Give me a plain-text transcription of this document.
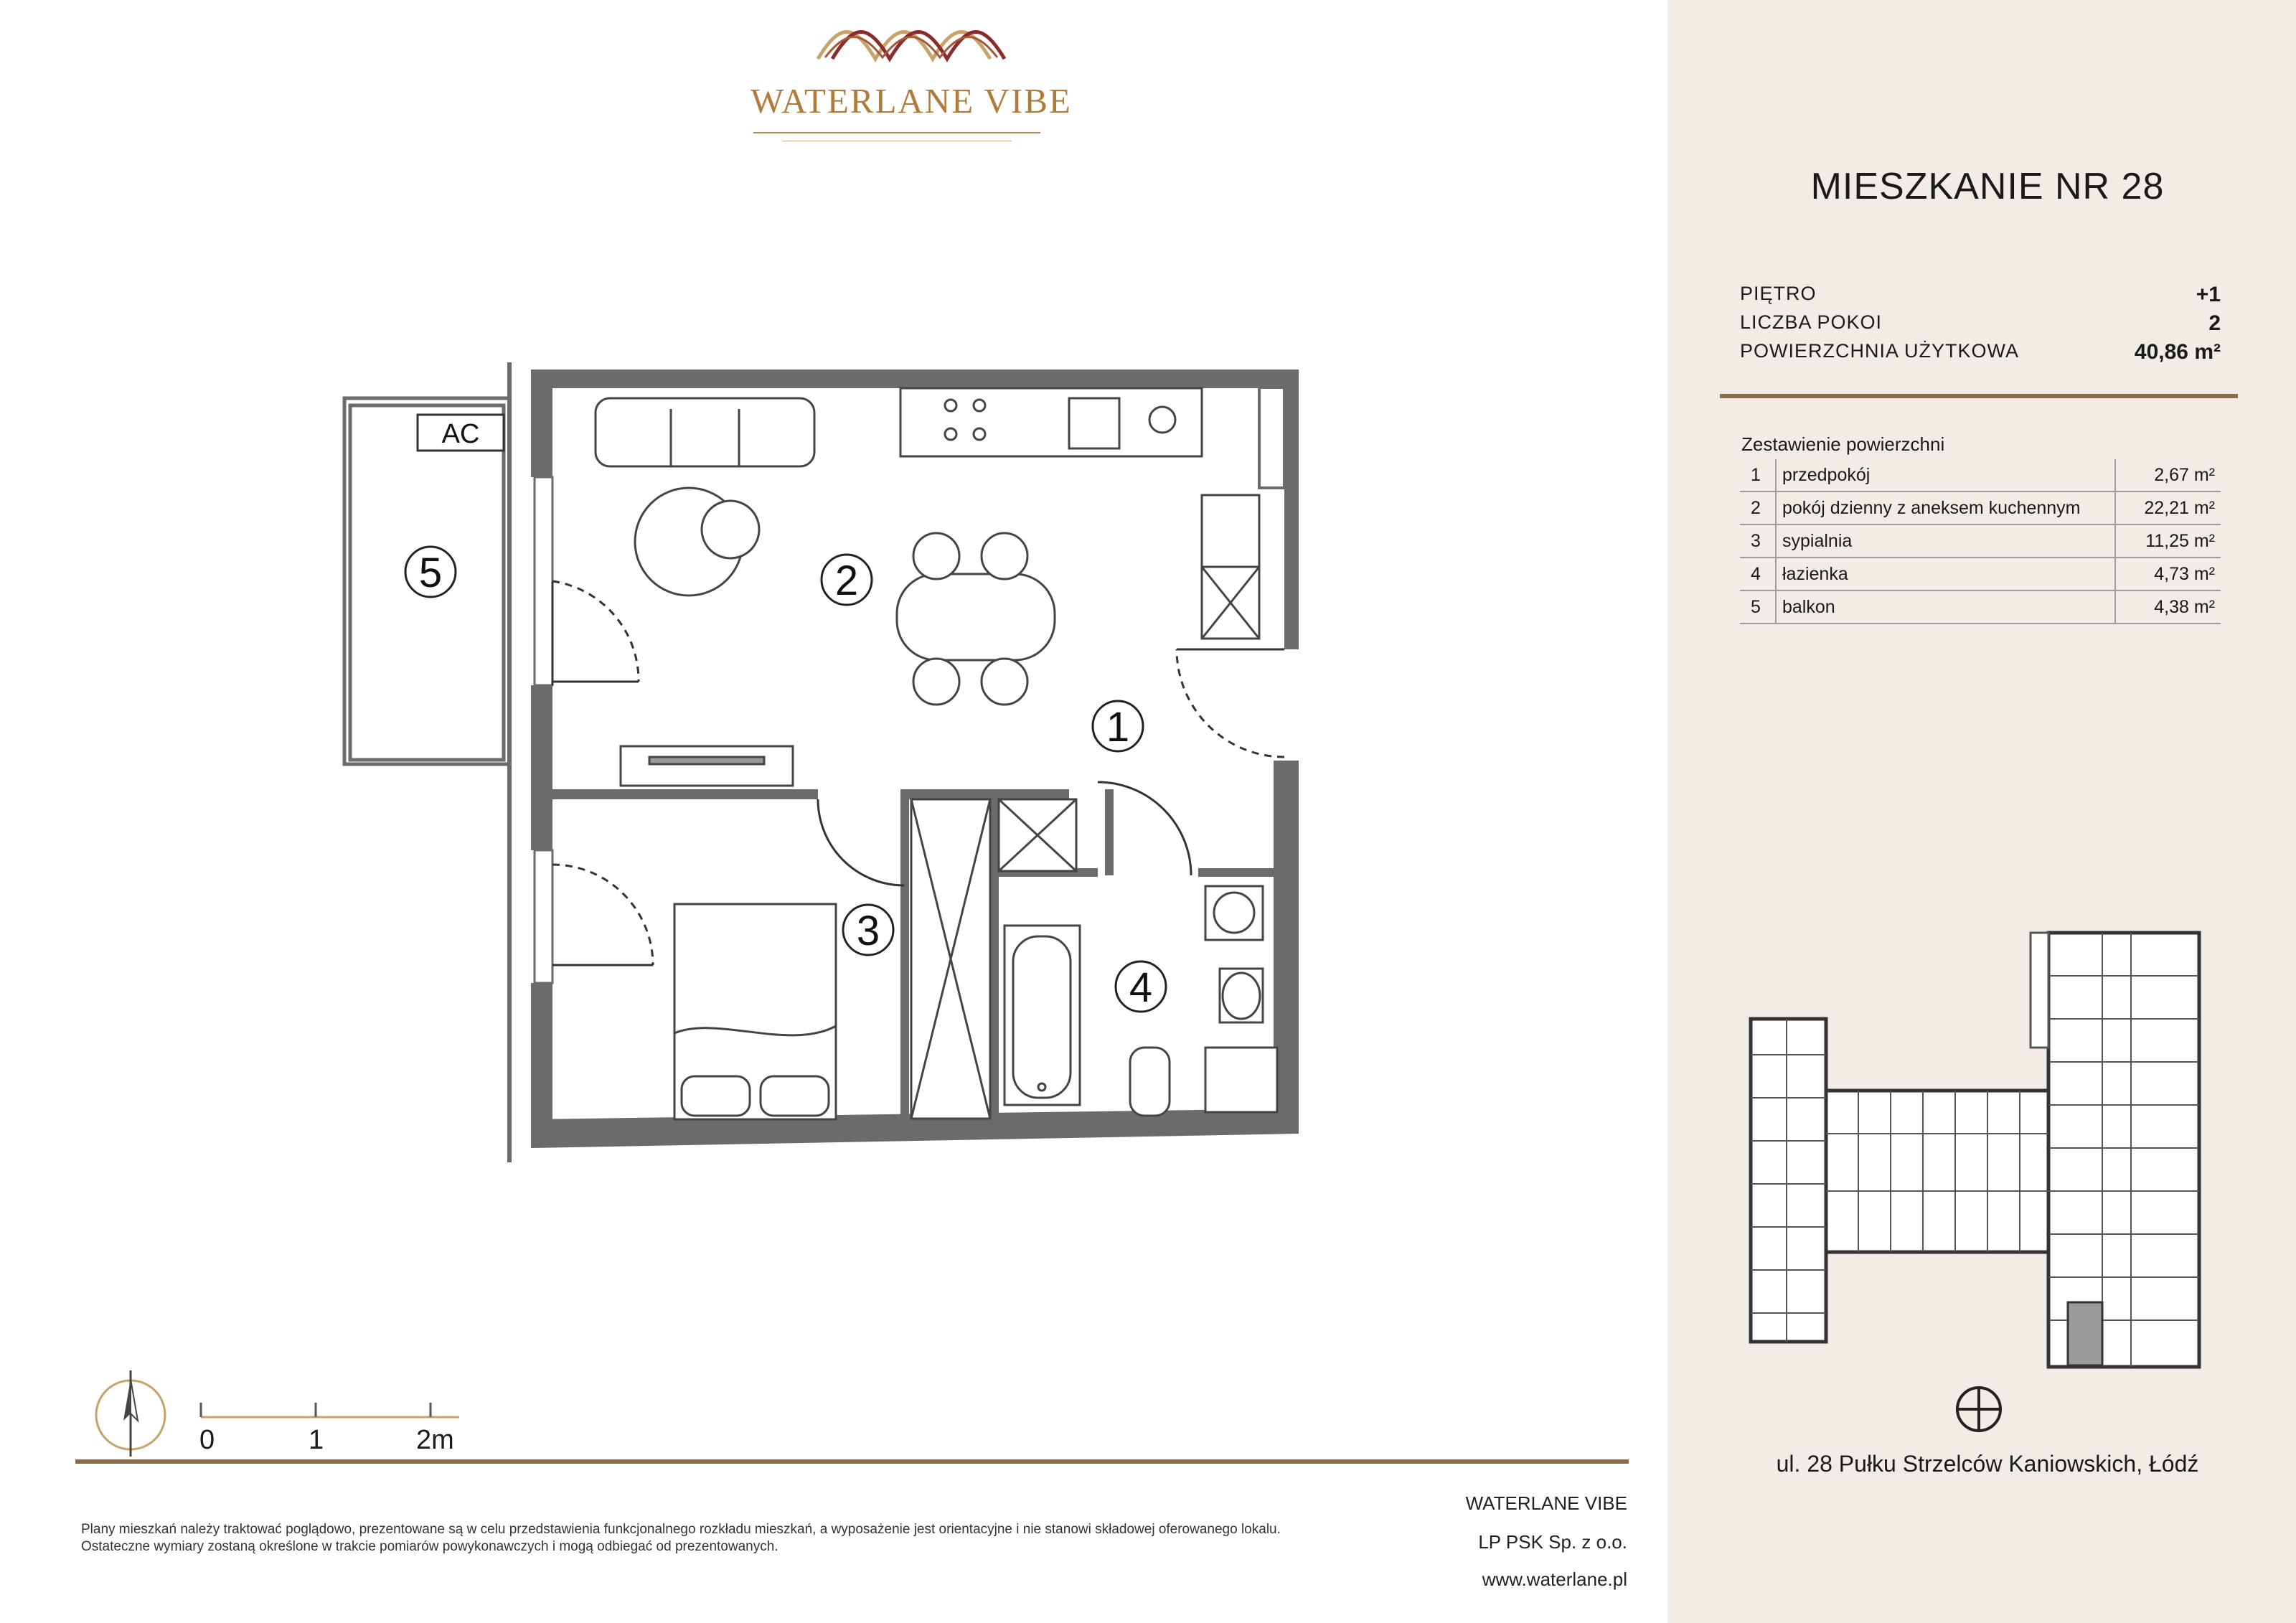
WATERLANE VIBE
AC
5	2
1
3
4
0	1	2m
Plany mieszkań należy traktować poglądowo, prezentowane są w celu przedstawienia funkcjonalnego rozkładu mieszkań, a wyposażenie jest orientacyjne i nie stanowi składowej oferowanego lokalu.
Ostateczne wymiary zostaną określone w trakcie pomiarów powykonawczych i mogą odbiegać od prezentowanych.
WATERLANE VIBE
LP PSK Sp. z o.o.
www.waterlane.pl
MIESZKANIE NR 28
PIĘTRO	+1
LICZBA POKOI	2
POWIERZCHNIA UŻYTKOWA	40,86 m²
Zestawienie powierzchni
1	przedpokój	2,67 m²
2	pokój dzienny z aneksem kuchennym	22,21 m²
3	sypialnia	11,25 m²
4	łazienka	4,73 m²
5	balkon	4,38 m²
ul. 28 Pułku Strzelców Kaniowskich, Łódź
